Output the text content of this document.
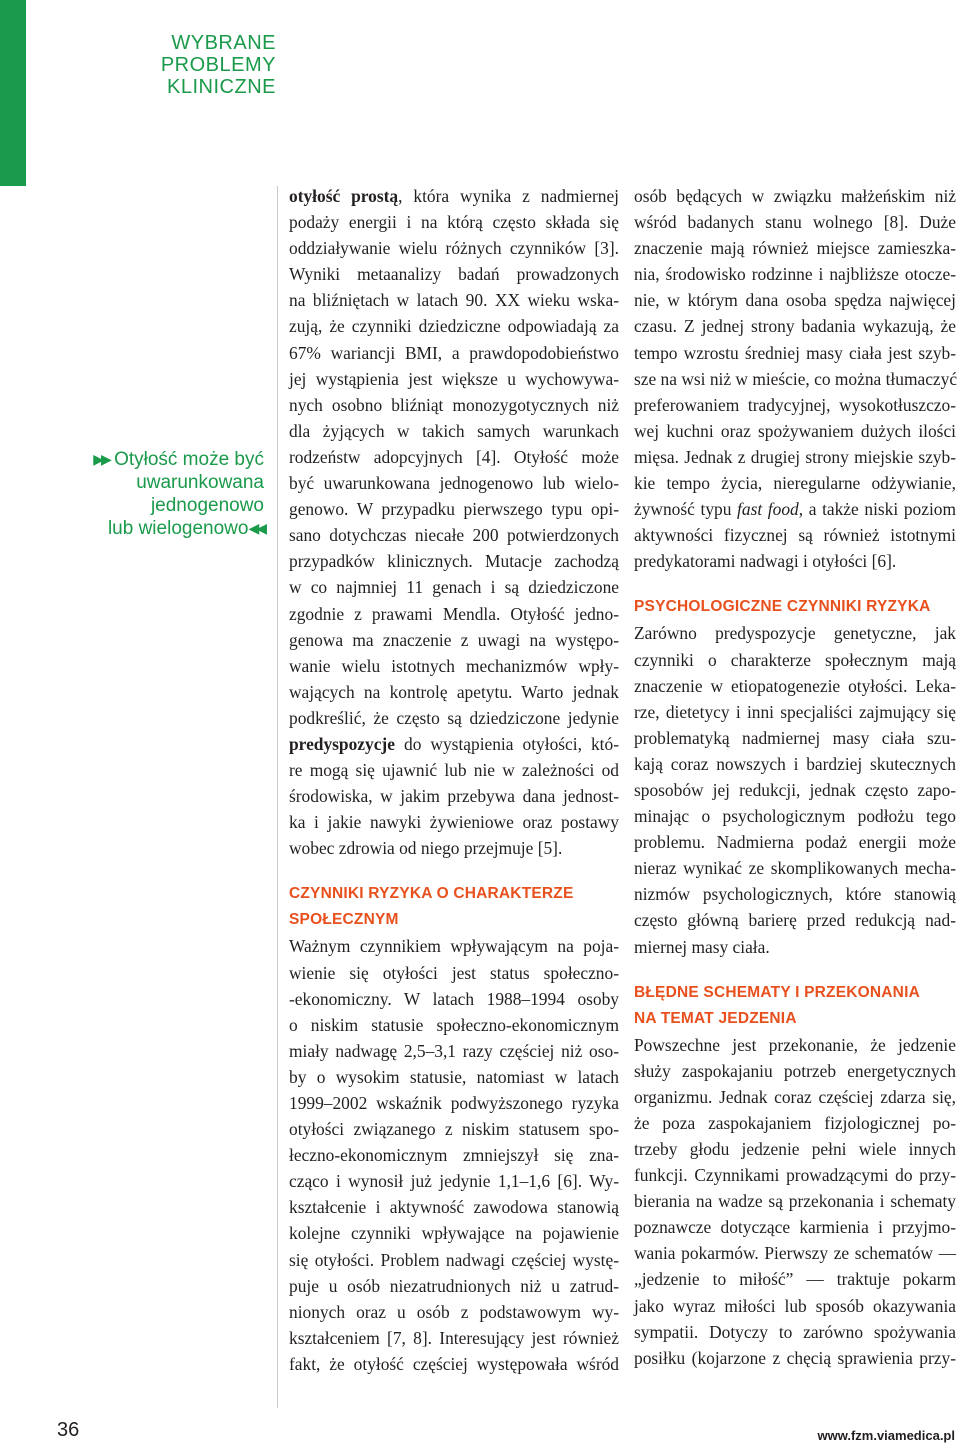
WYBRANE
PROBLEMY
KLINICZNE
▶▶ Otyłość może być
uwarunkowana
jednogenowo
lub wielogenowo◀◀

otyłość prostą, która wynika z nadmiernej

podaży energii i na którą często składa się

oddziaływanie wielu różnych czynników [3].

Wyniki metaanalizy badań prowadzonych

na bliźniętach w latach 90. XX wieku wska-

zują, że czynniki dziedziczne odpowiadają za

67% wariancji BMI, a prawdopodobieństwo

jej wystąpienia jest większe u wychowywa-

nych osobno bliźniąt monozygotycznych niż

dla żyjących w takich samych warunkach

rodzeństw adopcyjnych [4]. Otyłość może

być uwarunkowana jednogenowo lub wielo-

genowo. W przypadku pierwszego typu opi-

sano dotychczas niecałe 200 potwierdzonych

przypadków klinicznych. Mutacje zachodzą

w co najmniej 11 genach i są dziedziczone

zgodnie z prawami Mendla. Otyłość jedno-

genowa ma znaczenie z uwagi na występo-

wanie wielu istotnych mechanizmów wpły-

wających na kontrolę apetytu. Warto jednak

podkreślić, że często są dziedziczone jedynie

predyspozycje do wystąpienia otyłości, któ-

re mogą się ujawnić lub nie w zależności od

środowiska, w jakim przebywa dana jednost-

ka i jakie nawyki żywieniowe oraz postawy

wobec zdrowia od niego przejmuje [5].

CZYNNIKI RYZYKA O CHARAKTERZE
SPOŁECZNYM

Ważnym czynnikiem wpływającym na poja-

wienie się otyłości jest status społeczno-

-ekonomiczny. W latach 1988–1994 osoby

o niskim statusie społeczno-ekonomicznym

miały nadwagę 2,5–3,1 razy częściej niż oso-

by o wysokim statusie, natomiast w latach

1999–2002 wskaźnik podwyższonego ryzyka

otyłości związanego z niskim statusem spo-

łeczno-ekonomicznym zmniejszył się zna-

cząco i wynosił już jedynie 1,1–1,6 [6]. Wy-

kształcenie i aktywność zawodowa stanowią

kolejne czynniki wpływające na pojawienie

się otyłości. Problem nadwagi częściej wystę-

puje u osób niezatrudnionych niż u zatrud-

nionych oraz u osób z podstawowym wy-

kształceniem [7, 8]. Interesujący jest również

fakt, że otyłość częściej występowała wśród

osób będących w związku małżeńskim niż

wśród badanych stanu wolnego [8]. Duże

znaczenie mają również miejsce zamieszka-

nia, środowisko rodzinne i najbliższe otocze-

nie, w którym dana osoba spędza najwięcej

czasu. Z jednej strony badania wykazują, że

tempo wzrostu średniej masy ciała jest szyb-

sze na wsi niż w mieście, co można tłumaczyć

preferowaniem tradycyjnej, wysokotłuszczo-

wej kuchni oraz spożywaniem dużych ilości

mięsa. Jednak z drugiej strony miejskie szyb-

kie tempo życia, nieregularne odżywianie,

żywność typu fast food, a także niski poziom

aktywności fizycznej są również istotnymi

predykatorami nadwagi i otyłości [6].

PSYCHOLOGICZNE CZYNNIKI RYZYKA

Zarówno predyspozycje genetyczne, jak

czynniki o charakterze społecznym mają

znaczenie w etiopatogenezie otyłości. Leka-

rze, dietetycy i inni specjaliści zajmujący się

problematyką nadmiernej masy ciała szu-

kają coraz nowszych i bardziej skutecznych

sposobów jej redukcji, jednak często zapo-

minając o psychologicznym podłożu tego

problemu. Nadmierna podaż energii może

nieraz wynikać ze skomplikowanych mecha-

nizmów psychologicznych, które stanowią

często główną barierę przed redukcją nad-

miernej masy ciała.

BŁĘDNE SCHEMATY I PRZEKONANIA
NA TEMAT JEDZENIA

Powszechne jest przekonanie, że jedzenie

służy zaspokajaniu potrzeb energetycznych

organizmu. Jednak coraz częściej zdarza się,

że poza zaspokajaniem fizjologicznej po-

trzeby głodu jedzenie pełni wiele innych

funkcji. Czynnikami prowadzącymi do przy-

bierania na wadze są przekonania i schematy

poznawcze dotyczące karmienia i przyjmo-

wania pokarmów. Pierwszy ze schematów —

„jedzenie to miłość” — traktuje pokarm

jako wyraz miłości lub sposób okazywania

sympatii. Dotyczy to zarówno spożywania

posiłku (kojarzone z chęcią sprawienia przy-

36	www.fzm.viamedica.pl
